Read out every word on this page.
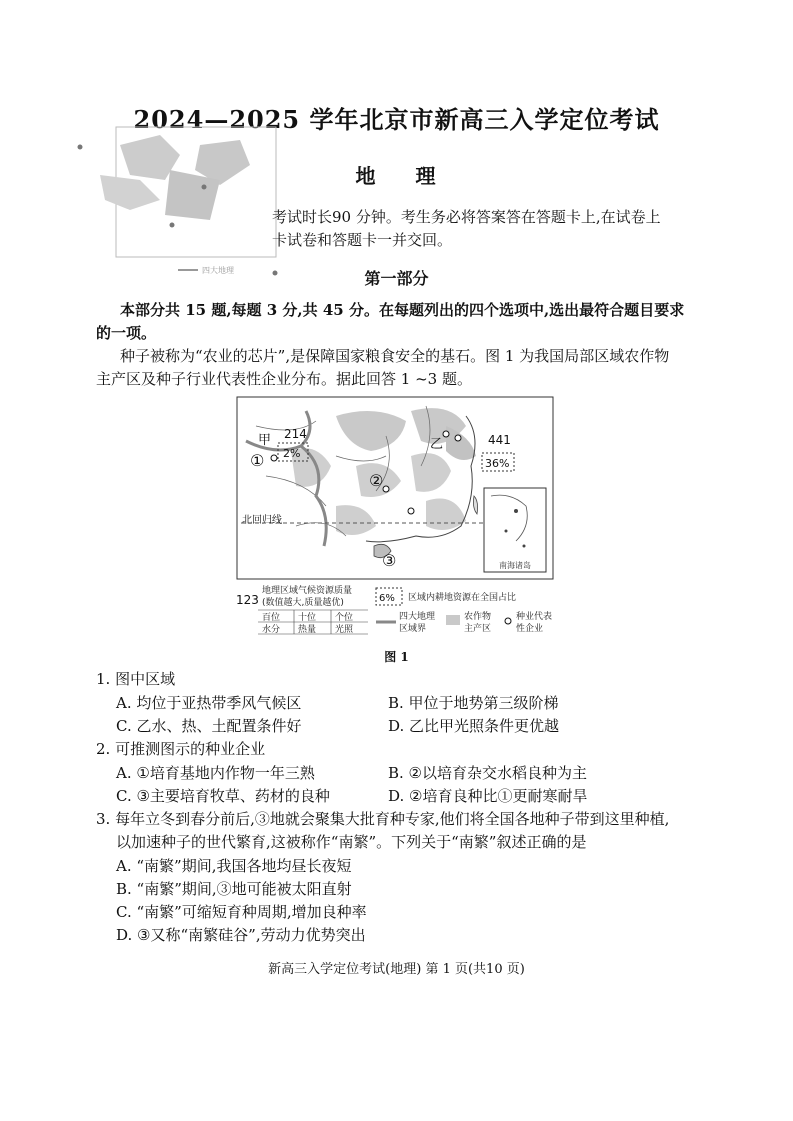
2024—2025 学年北京市新高三入学定位考试
四大地理
地理
考试时长90 分钟。考生务必将答案答在答题卡上,在试卷上
卡试卷和答题卡一并交回。
第一部分
本部分共 15 题,每题 3 分,共 45 分。在每题列出的四个选项中,选出最符合题目要求
的一项。
种子被称为“农业的芯片”,是保障国家粮食安全的基石。图 1 为我国局部区域农作物
主产区及种子行业代表性企业分布。据此回答 1 ~3 题。
南海诸岛
甲
①
214
2%
乙	441
36%
②
北回归线
③
123
地理区域气候资源质量
(数值越大,质量越优)
百位 十位 个位
水分 热量 光照
6% 区域内耕地资源在全国占比
四大地理
区域界
农作物
主产区
种业代表
性企业
图 1
1. 图中区域
A. 均位于亚热带季风气候区	B. 甲位于地势第三级阶梯
C. 乙水、热、土配置条件好	D. 乙比甲光照条件更优越
2. 可推测图示的种业企业
A. ①培育基地内作物一年三熟	B. ②以培育杂交水稻良种为主
C. ③主要培育牧草、药材的良种	D. ②培育良种比①更耐寒耐旱
3. 每年立冬到春分前后,③地就会聚集大批育种专家,他们将全国各地种子带到这里种植,
以加速种子的世代繁育,这被称作“南繁”。下列关于“南繁”叙述正确的是
A. “南繁”期间,我国各地均昼长夜短
B. “南繁”期间,③地可能被太阳直射
C. “南繁”可缩短育种周期,增加良种率
D. ③又称“南繁硅谷”,劳动力优势突出
新高三入学定位考试(地理) 第 1 页(共10 页)
